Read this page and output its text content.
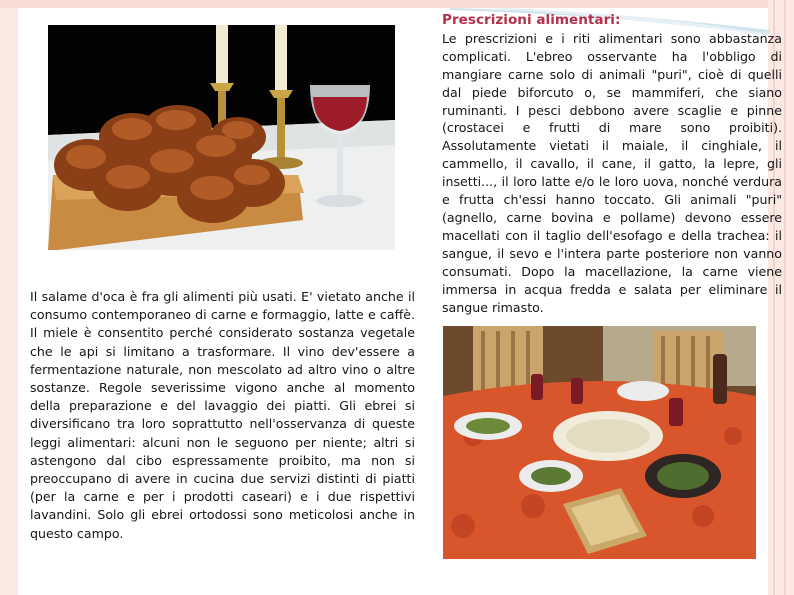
Prescrizioni alimentari:
Le prescrizioni e i riti alimentari sono abbastanza complicati. L'ebreo osservante ha l'obbligo di mangiare carne solo di animali "puri", cioè di quelli dal piede biforcuto o, se mammiferi, che siano ruminanti. I pesci debbono avere scaglie e pinne (crostacei e frutti di mare sono proibiti). Assolutamente vietati il maiale, il cinghiale, il cammello, il cavallo, il cane, il gatto, la lepre, gli insetti..., il loro latte e/o le loro uova, nonché verdura e frutta ch'essi hanno toccato. Gli animali "puri" (agnello, carne bovina e pollame) devono essere macellati con il taglio dell'esofago e della trachea: il sangue, il sevo e l'intera parte posteriore non vanno consumati. Dopo la macellazione, la carne viene immersa in acqua fredda e salata per eliminare il sangue rimasto.
Il salame d'oca è fra gli alimenti più usati. E' vietato anche il consumo contemporaneo di carne e formaggio, latte e caffè. Il miele è consentito perché considerato sostanza vegetale che le api si limitano a trasformare. Il vino dev'essere a fermentazione naturale, non mescolato ad altro vino o altre sostanze. Regole severissime vigono anche al momento della preparazione e del lavaggio dei piatti. Gli ebrei si diversificano tra loro soprattutto nell'osservanza di queste leggi alimentari: alcuni non le seguono per niente; altri si astengono dal cibo espressamente proibito, ma non si preoccupano di avere in cucina due servizi distinti di piatti (per la carne e per i prodotti caseari) e i due rispettivi lavandini. Solo gli ebrei ortodossi sono meticolosi anche in questo campo.
